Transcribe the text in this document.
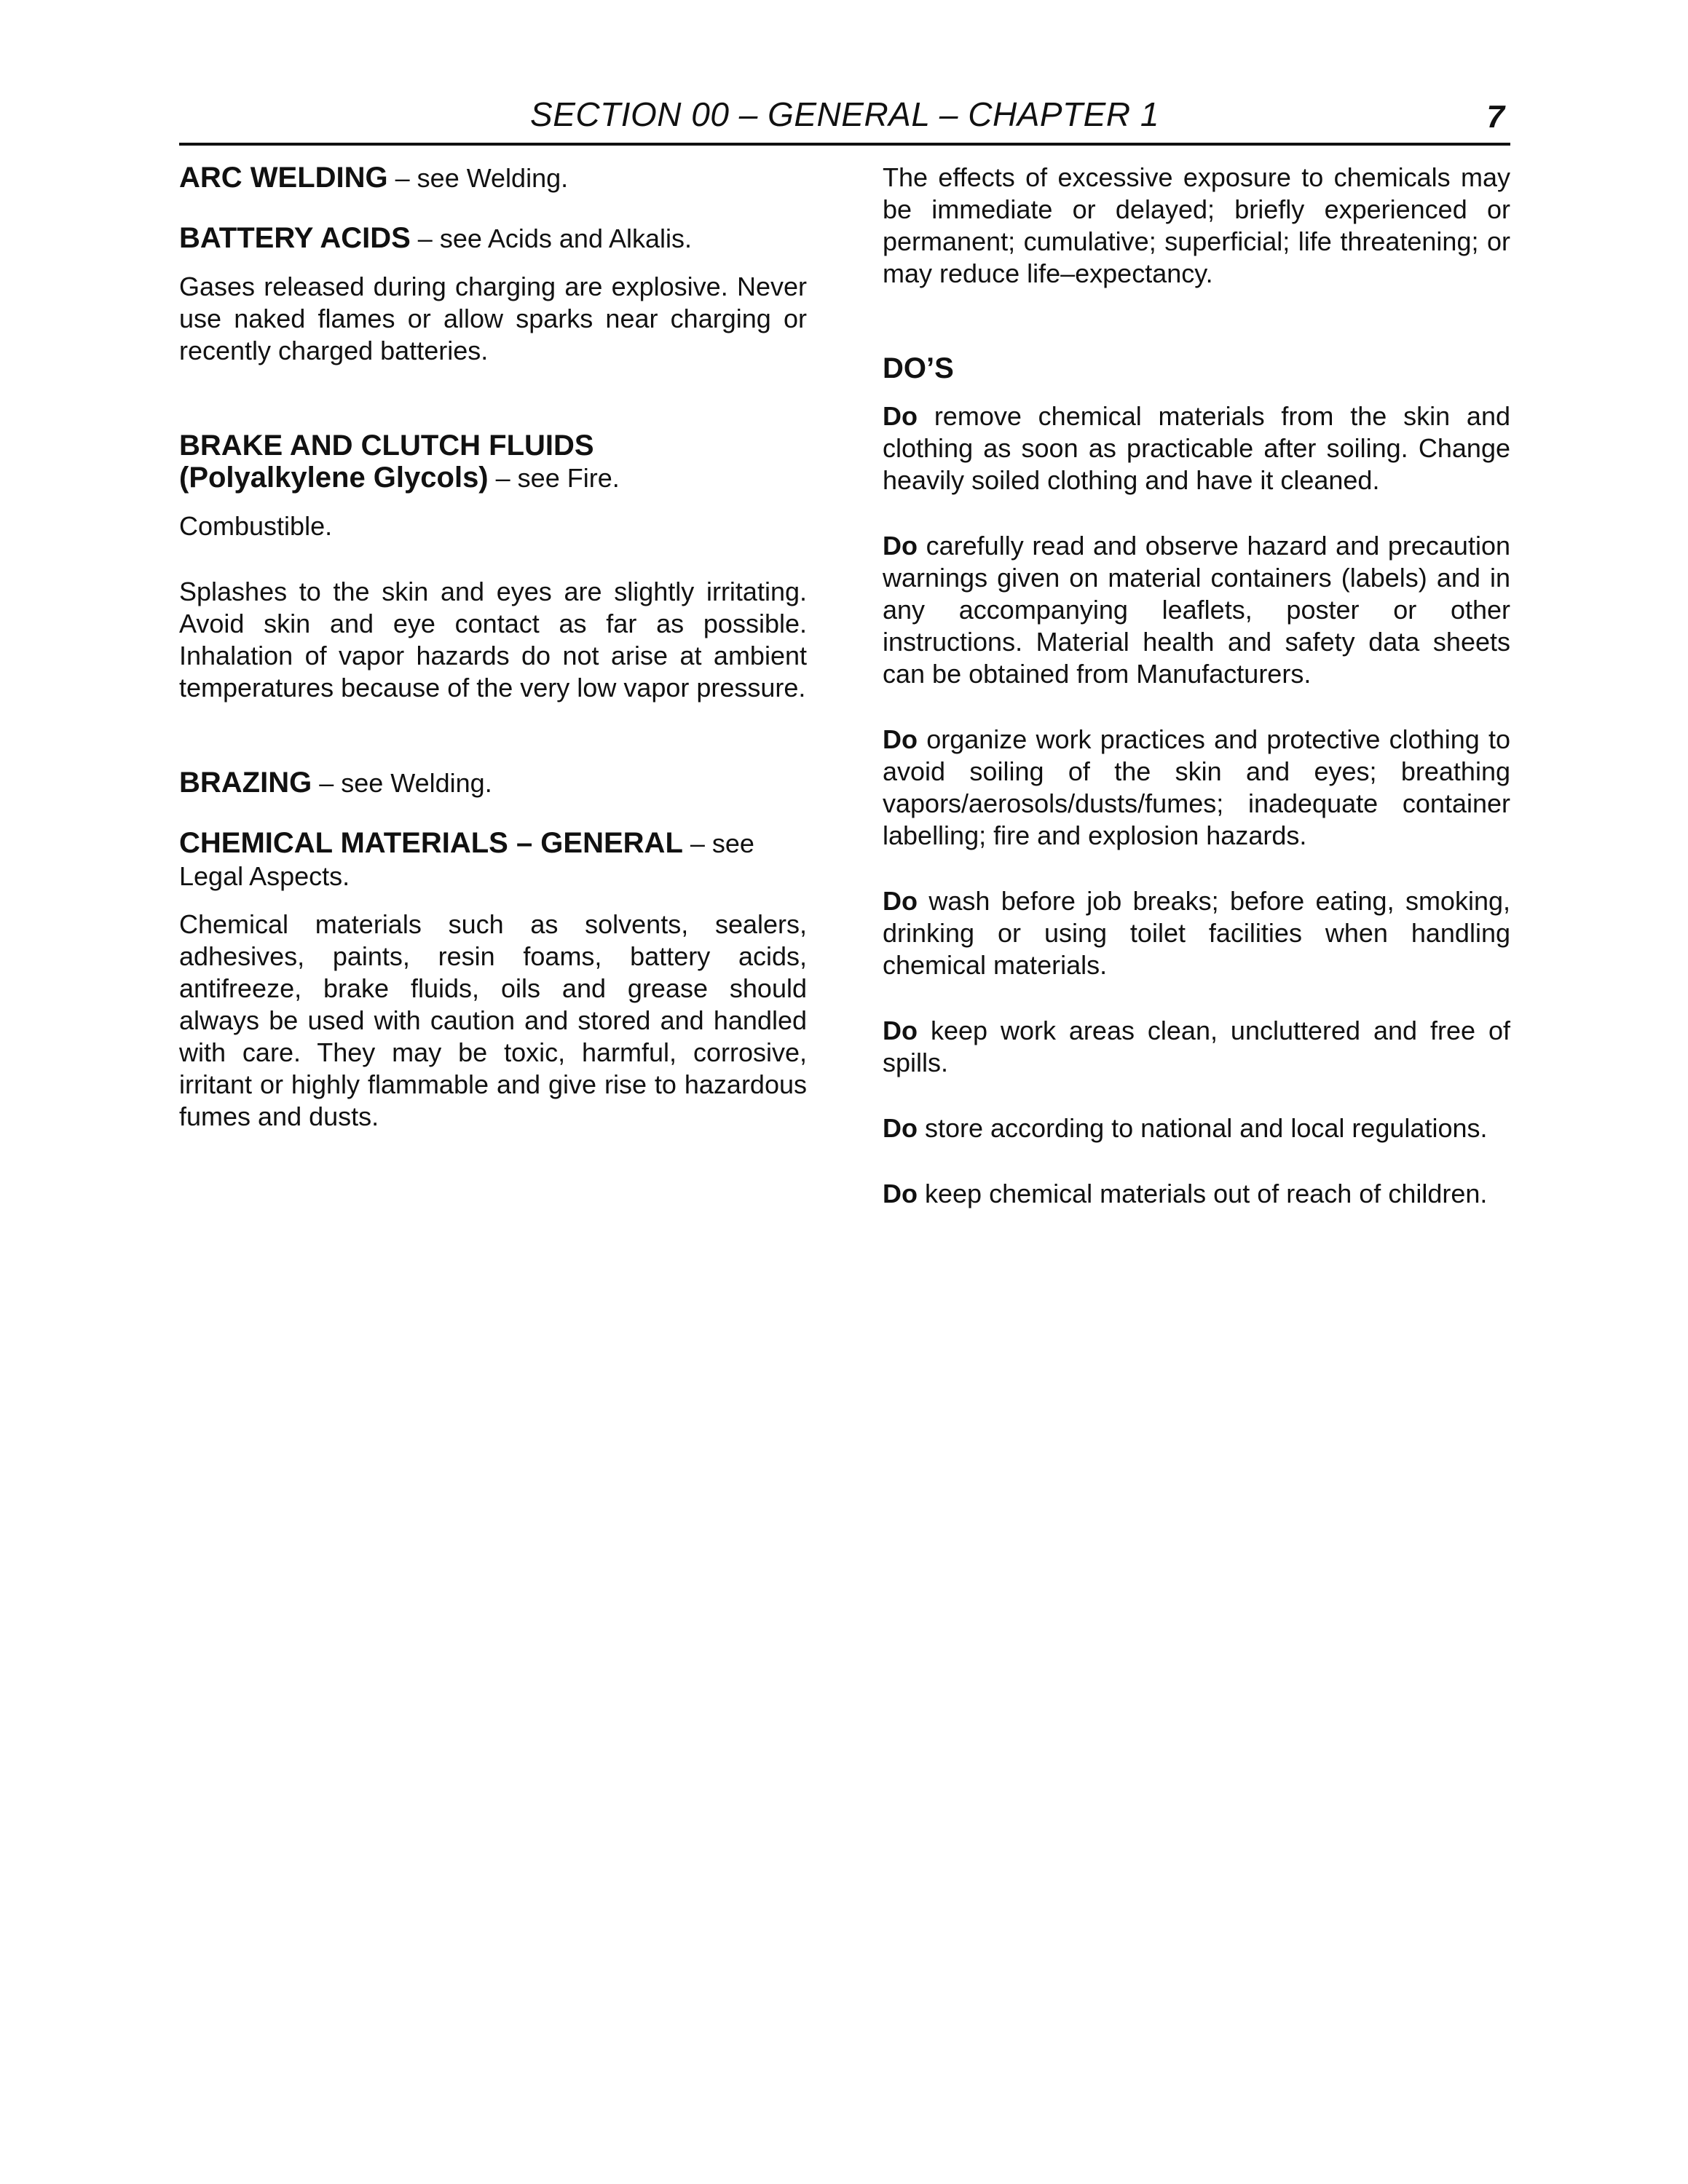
SECTION 00 – GENERAL – CHAPTER 1	7

ARC WELDING – see Welding.

BATTERY ACIDS – see Acids and Alkalis.

Gases released during charging are explosive. Never use naked flames or allow sparks near charging or recently charged batteries.

BRAKE AND CLUTCH FLUIDS
(Polyalkylene Glycols) – see Fire.

Combustible.

Splashes to the skin and eyes are slightly irritating. Avoid skin and eye contact as far as possible. Inhalation of vapor hazards do not arise at ambient temperatures because of the very low vapor pressure.

BRAZING – see Welding.

CHEMICAL MATERIALS – GENERAL – see Legal Aspects.

Chemical materials such as solvents, sealers, adhesives, paints, resin foams, battery acids, antifreeze, brake fluids, oils and grease should always be used with caution and stored and handled with care. They may be toxic, harmful, corrosive, irritant or highly flammable and give rise to hazardous fumes and dusts.

The effects of excessive exposure to chemicals may be immediate or delayed; briefly experienced or permanent; cumulative; superficial; life threatening; or may reduce life–expectancy.

DO’S

Do remove chemical materials from the skin and clothing as soon as practicable after soiling. Change heavily soiled clothing and have it cleaned.

Do carefully read and observe hazard and precaution warnings given on material containers (labels) and in any accompanying leaflets, poster or other instructions. Material health and safety data sheets can be obtained from Manufacturers.

Do organize work practices and protective clothing to avoid soiling of the skin and eyes; breathing vapors/aerosols/dusts/fumes; inadequate container labelling; fire and explosion hazards.

Do wash before job breaks; before eating, smoking, drinking or using toilet facilities when handling chemical materials.

Do keep work areas clean, uncluttered and free of spills.

Do store according to national and local regulations.

Do keep chemical materials out of reach of children.
